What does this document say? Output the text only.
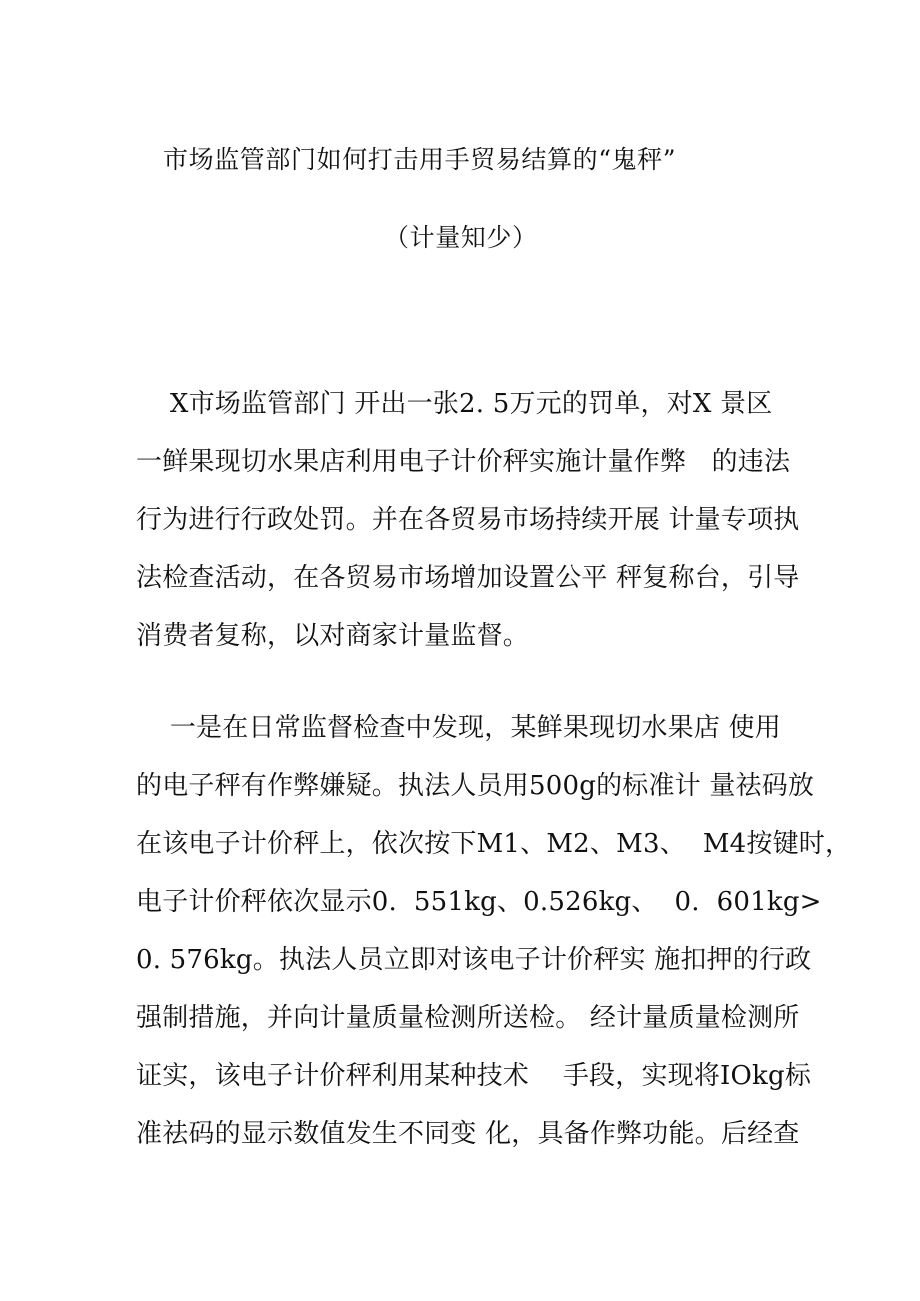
市场监管部门如何打击用手贸易结算的“鬼秤”
（计量知少）

X市场监管部门 开出一张2. 5万元的罚单，对X 景区

一鲜果现切水果店利用电子计价秤实施计量作弊   的违法

行为进行行政处罚。并在各贸易市场持续开展 计量专项执

法检查活动，在各贸易市场增加设置公平 秤复称台，引导

消费者复称，以对商家计量监督。

一是在日常监督检查中发现，某鲜果现切水果店 使用

的电子秤有作弊嫌疑。执法人员用500g的标准计 量祛码放

在该电子计价秤上，依次按下M1、M2、M3、  M4按键时，

电子计价秤依次显示0.  551kg、0.526kg、  0.  601kg>

0. 576kg。执法人员立即对该电子计价秤实 施扣押的行政

强制措施，并向计量质量检测所送检。 经计量质量检测所

证实，该电子计价秤利用某种技术    手段，实现将IOkg标

准祛码的显示数值发生不同变 化，具备作弊功能。后经查
